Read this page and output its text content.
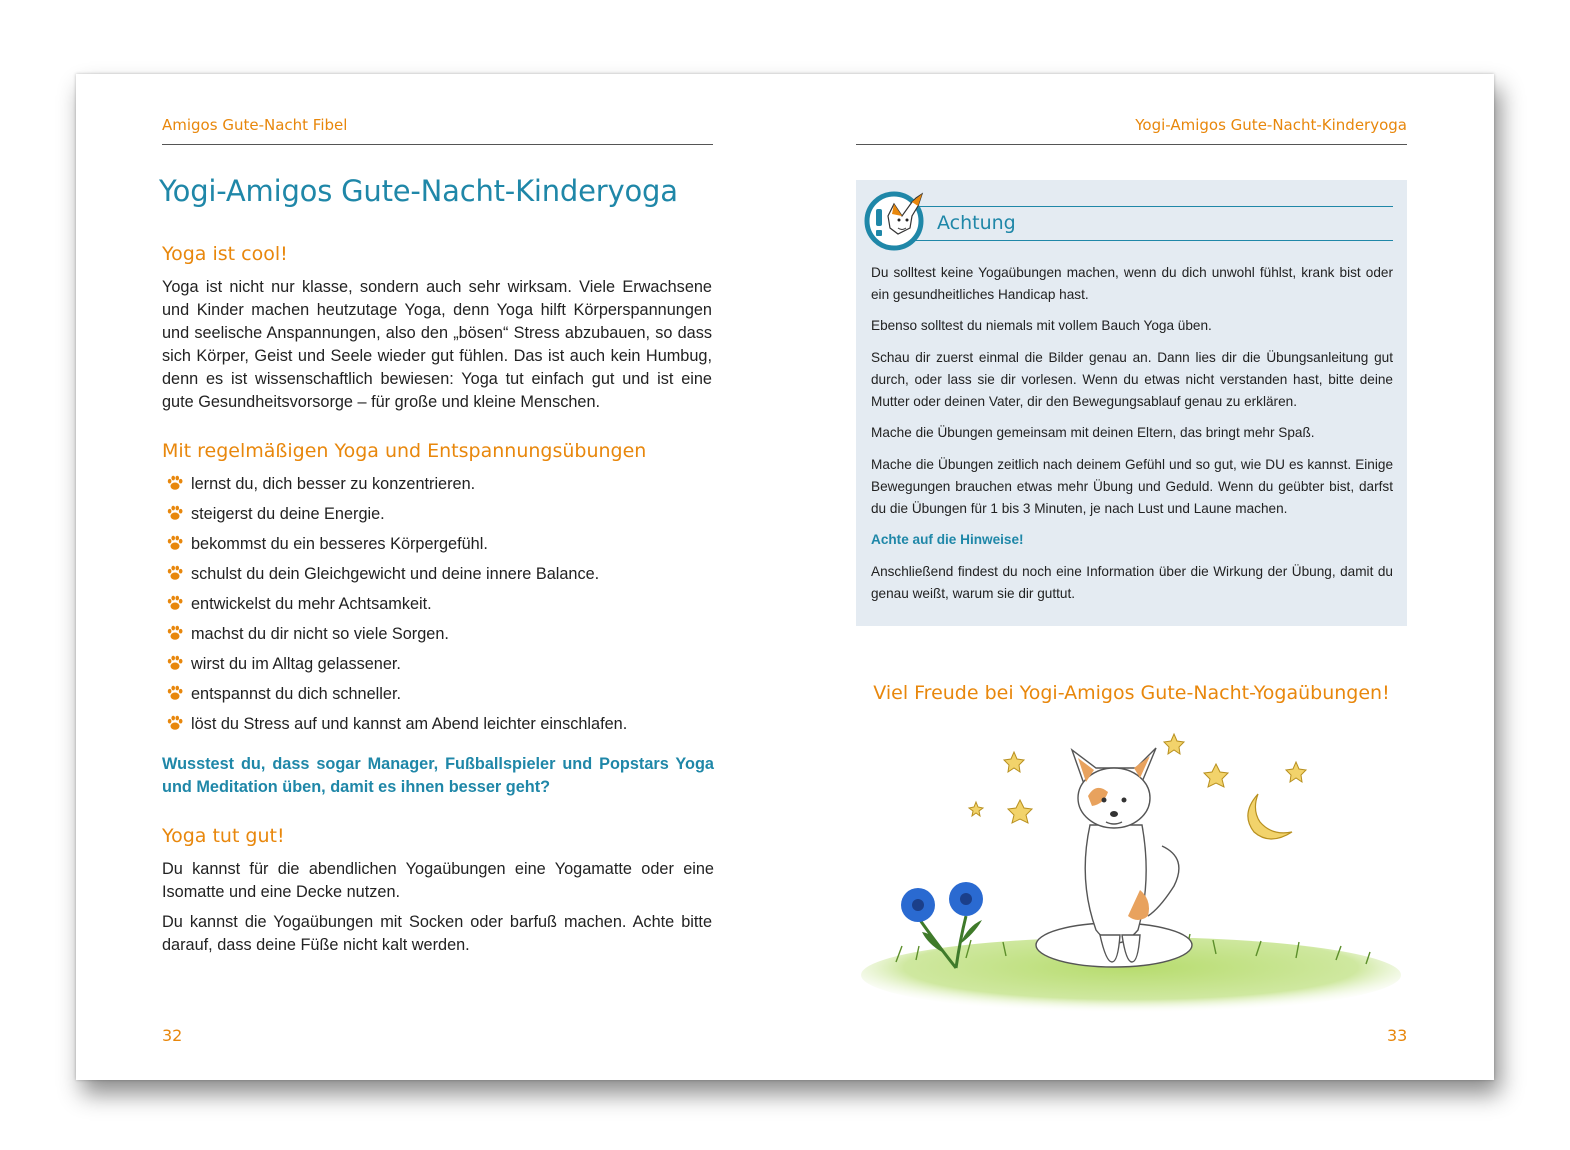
Amigos Gute-Nacht Fibel
Yogi-Amigos Gute-Nacht-Kinderyoga
Yoga ist cool!
Yoga ist nicht nur klasse, sondern auch sehr wirksam. Viele Erwachsene und Kinder machen heutzutage Yoga, denn Yoga hilft Körperspannungen und seelische Anspannungen, also den „bösen“ Stress abzubauen, so dass sich Körper, Geist und Seele wieder gut fühlen. Das ist auch kein Humbug, denn es ist wissenschaftlich bewiesen: Yoga tut einfach gut und ist eine gute Gesundheitsvorsorge – für große und kleine Menschen.
Mit regelmäßigen Yoga und Entspannungsübungen
lernst du, dich besser zu konzentrieren.
steigerst du deine Energie.
bekommst du ein besseres Körpergefühl.
schulst du dein Gleichgewicht und deine innere Balance.
entwickelst du mehr Achtsamkeit.
machst du dir nicht so viele Sorgen.
wirst du im Alltag gelassener.
entspannst du dich schneller.
löst du Stress auf und kannst am Abend leichter einschlafen.
Wusstest du, dass sogar Manager, Fußballspieler und Popstars Yoga und Meditation üben, damit es ihnen besser geht?
Yoga tut gut!
Du kannst für die abendlichen Yogaübungen eine Yogamatte oder eine Isomatte und eine Decke nutzen.
Du kannst die Yogaübungen mit Socken oder barfuß machen. Achte bitte darauf, dass deine Füße nicht kalt werden.
32
Yogi-Amigos Gute-Nacht-Kinderyoga
Achtung
Du solltest keine Yogaübungen machen, wenn du dich unwohl fühlst, krank bist oder ein gesundheitliches Handicap hast.
Ebenso solltest du niemals mit vollem Bauch Yoga üben.
Schau dir zuerst einmal die Bilder genau an. Dann lies dir die Übungsanleitung gut durch, oder lass sie dir vorlesen. Wenn du etwas nicht verstanden hast, bitte deine Mutter oder deinen Vater, dir den Bewegungsablauf genau zu erklären.
Mache die Übungen gemeinsam mit deinen Eltern, das bringt mehr Spaß.
Mache die Übungen zeitlich nach deinem Gefühl und so gut, wie DU es kannst. Einige Bewegungen brauchen etwas mehr Übung und Geduld. Wenn du geübter bist, darfst du die Übungen für 1 bis 3 Minuten, je nach Lust und Laune machen.
Achte auf die Hinweise!
Anschließend findest du noch eine Information über die Wirkung der Übung, damit du genau weißt, warum sie dir guttut.
Viel Freude bei Yogi-Amigos Gute-Nacht-Yogaübungen!
33
